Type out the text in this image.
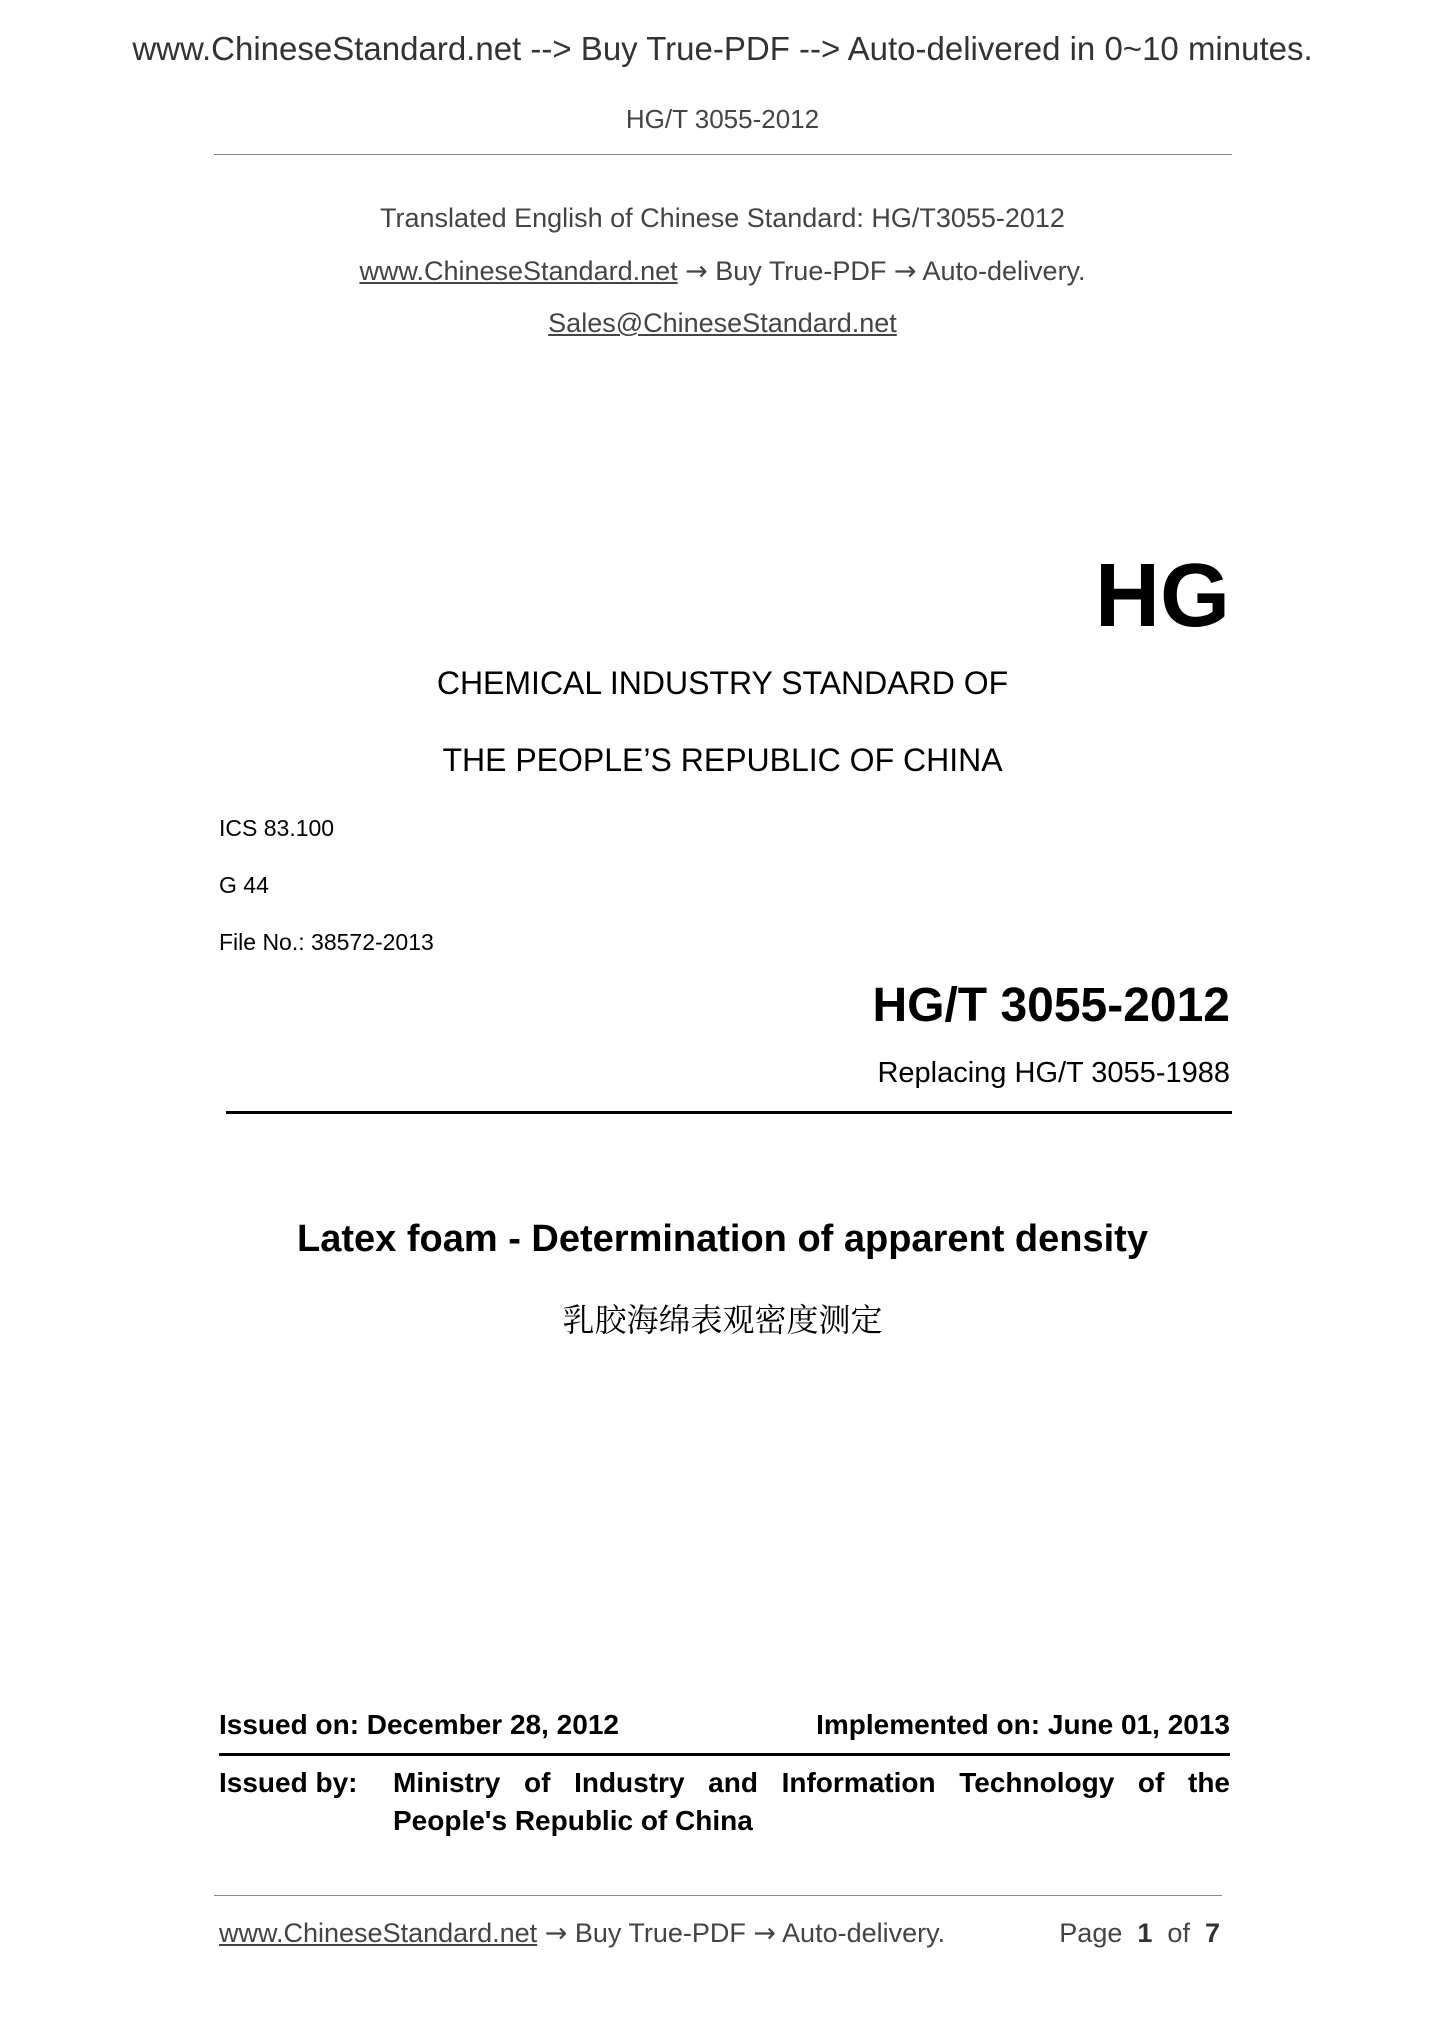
www.ChineseStandard.net --> Buy True-PDF --> Auto-delivered in 0~10 minutes.
HG/T 3055-2012
Translated English of Chinese Standard: HG/T3055-2012
www.ChineseStandard.net → Buy True-PDF → Auto-delivery.
Sales@ChineseStandard.net
HG
CHEMICAL INDUSTRY STANDARD OF
THE PEOPLE’S REPUBLIC OF CHINA
ICS 83.100
G 44
File No.: 38572-2013
HG/T 3055-2012
Replacing HG/T 3055-1988
Latex foam - Determination of apparent density
乳胶海绵表观密度测定
Issued on: December 28, 2012	Implemented on: June 01, 2013
Issued by: Ministry of Industry and Information Technology of the
People's Republic of China
www.ChineseStandard.net → Buy True-PDF → Auto-delivery.	Page 1 of 7
